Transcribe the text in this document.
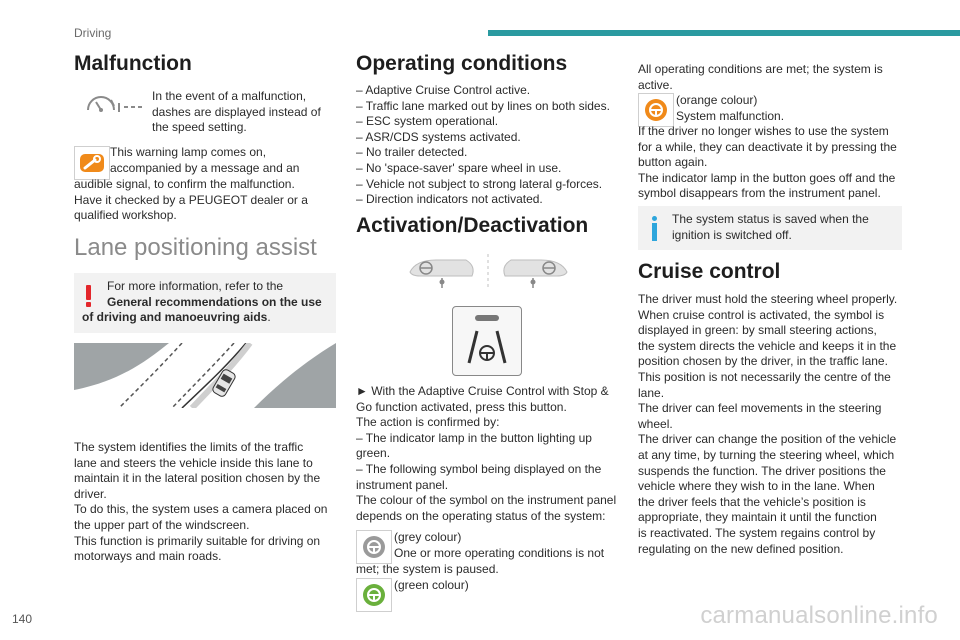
Driving
140	carmanualsonline.info
Malfunction
In the event of a malfunction,
dashes are displayed instead of
the speed setting.
This warning lamp comes on,
accompanied by a message and an
audible signal, to confirm the malfunction.
Have it checked by a PEUGEOT dealer or a
qualified workshop.
Lane positioning assist
For more information, refer to the
General recommendations on the use
of driving and manoeuvring aids.
The system identifies the limits of the traffic
lane and steers the vehicle inside this lane to
maintain it in the lateral position chosen by the
driver.
To do this, the system uses a camera placed on
the upper part of the windscreen.
This function is primarily suitable for driving on
motorways and main roads.
Operating conditions
– Adaptive Cruise Control active.
– Traffic lane marked out by lines on both sides.
– ESC system operational.
– ASR/CDS systems activated.
– No trailer detected.
– No 'space-saver' spare wheel in use.
– Vehicle not subject to strong lateral g-forces.
– Direction indicators not activated.
Activation/Deactivation
► With the Adaptive Cruise Control with Stop &
Go function activated, press this button.
The action is confirmed by:
– The indicator lamp in the button lighting up
green.
– The following symbol being displayed on the
instrument panel.
The colour of the symbol on the instrument panel
depends on the operating status of the system:
(grey colour)
One or more operating conditions is not
met; the system is paused.
(green colour)
All operating conditions are met; the system is
active.
(orange colour)
System malfunction.
If the driver no longer wishes to use the system
for a while, they can deactivate it by pressing the
button again.
The indicator lamp in the button goes off and the
symbol disappears from the instrument panel.
The system status is saved when the
ignition is switched off.
Cruise control
The driver must hold the steering wheel properly.
When cruise control is activated, the symbol is
displayed in green: by small steering actions,
the system directs the vehicle and keeps it in the
position chosen by the driver, in the traffic lane.
This position is not necessarily the centre of the
lane.
The driver can feel movements in the steering
wheel.
The driver can change the position of the vehicle
at any time, by turning the steering wheel, which
suspends the function. The driver positions the
vehicle where they wish to in the lane. When
the driver feels that the vehicle’s position is
appropriate, they maintain it until the function
is reactivated. The system regains control by
regulating on the new defined position.
